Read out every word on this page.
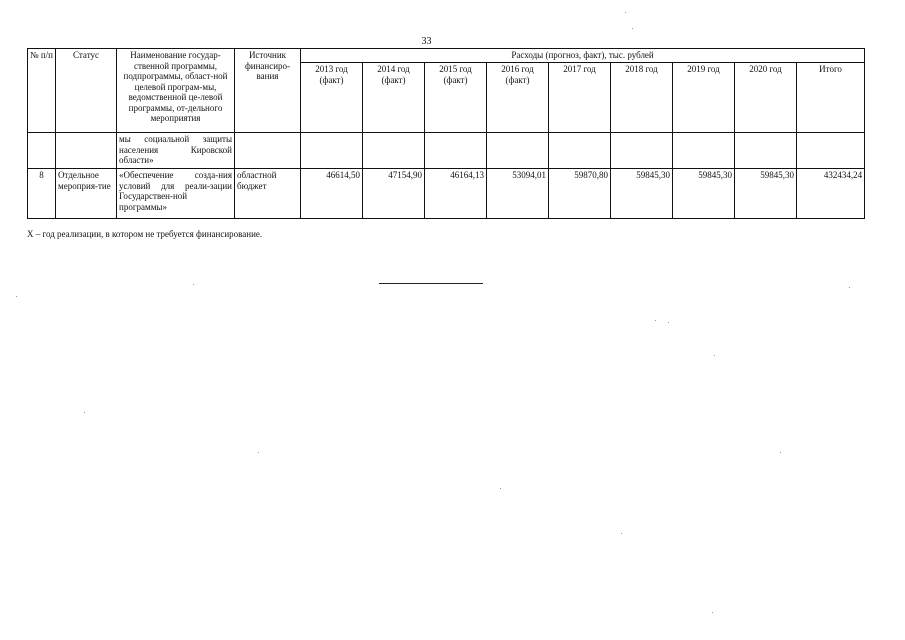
33
№ п/п	Статус	Наименование государ-ственной программы, подпрограммы, област-ной целевой програм-мы, ведомственной це-левой программы, от-дельного мероприятия	Источник финансиро-вания	Расходы (прогноз, факт), тыс. рублей								
				2013 год (факт)	2014 год (факт)	2015 год (факт)	2016 год (факт)	2017 год	2018 год	2019 год	2020 год	Итого
		мы социальной защиты населения Кировской области»										
8	Отдельное мероприя-тие	«Обеспечение созда-ния условий для реали-зации Государствен-ной программы»	областной бюджет	46614,50	47154,90	46164,13	53094,01	59870,80	59845,30	59845,30	59845,30	432434,24
Х – год реализации, в котором не требуется финансирование.
